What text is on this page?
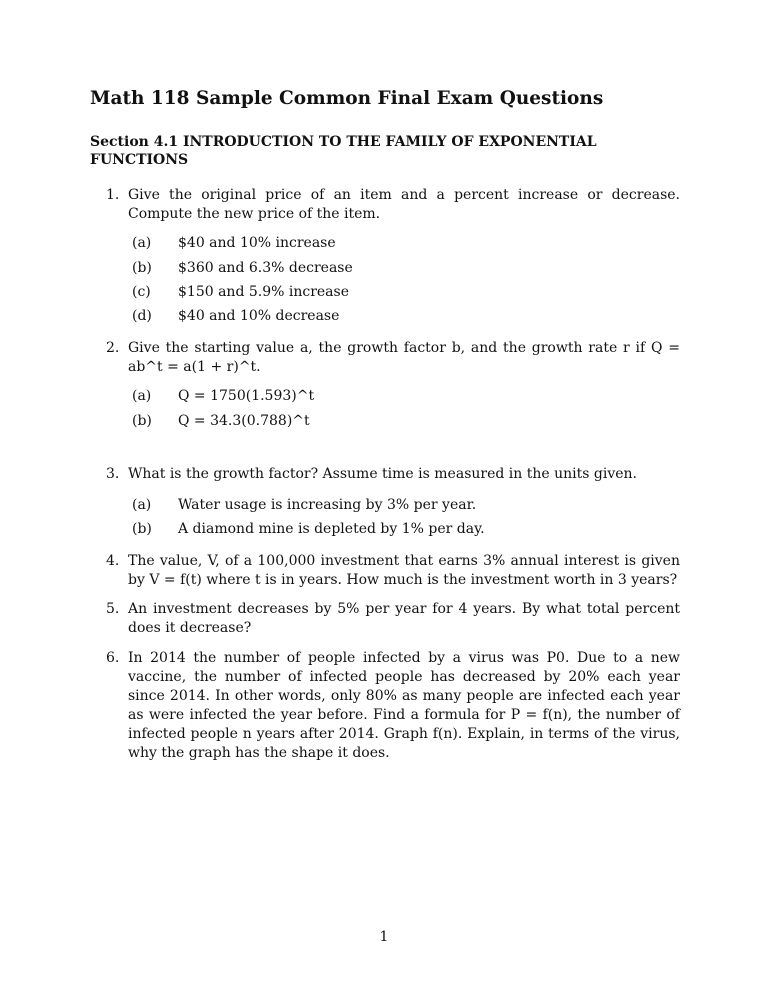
Math 118 Sample Common Final Exam Questions
Section 4.1 INTRODUCTION TO THE FAMILY OF EXPONENTIAL FUNCTIONS
1. Give the original price of an item and a percent increase or decrease. Compute the new price of the item.
(a) $40 and 10% increase
(b) $360 and 6.3% decrease
(c) $150 and 5.9% increase
(d) $40 and 10% decrease
2. Give the starting value a, the growth factor b, and the growth rate r if Q = ab^t = a(1 + r)^t.
(a) Q = 1750(1.593)^t
(b) Q = 34.3(0.788)^t
3. What is the growth factor? Assume time is measured in the units given.
(a) Water usage is increasing by 3% per year.
(b) A diamond mine is depleted by 1% per day.
4. The value, V, of a 100,000 investment that earns 3% annual interest is given by V = f(t) where t is in years. How much is the investment worth in 3 years?
5. An investment decreases by 5% per year for 4 years. By what total percent does it decrease?
6. In 2014 the number of people infected by a virus was P0. Due to a new vaccine, the number of infected people has decreased by 20% each year since 2014. In other words, only 80% as many people are infected each year as were infected the year before. Find a formula for P = f(n), the number of infected people n years after 2014. Graph f(n). Explain, in terms of the virus, why the graph has the shape it does.
1
